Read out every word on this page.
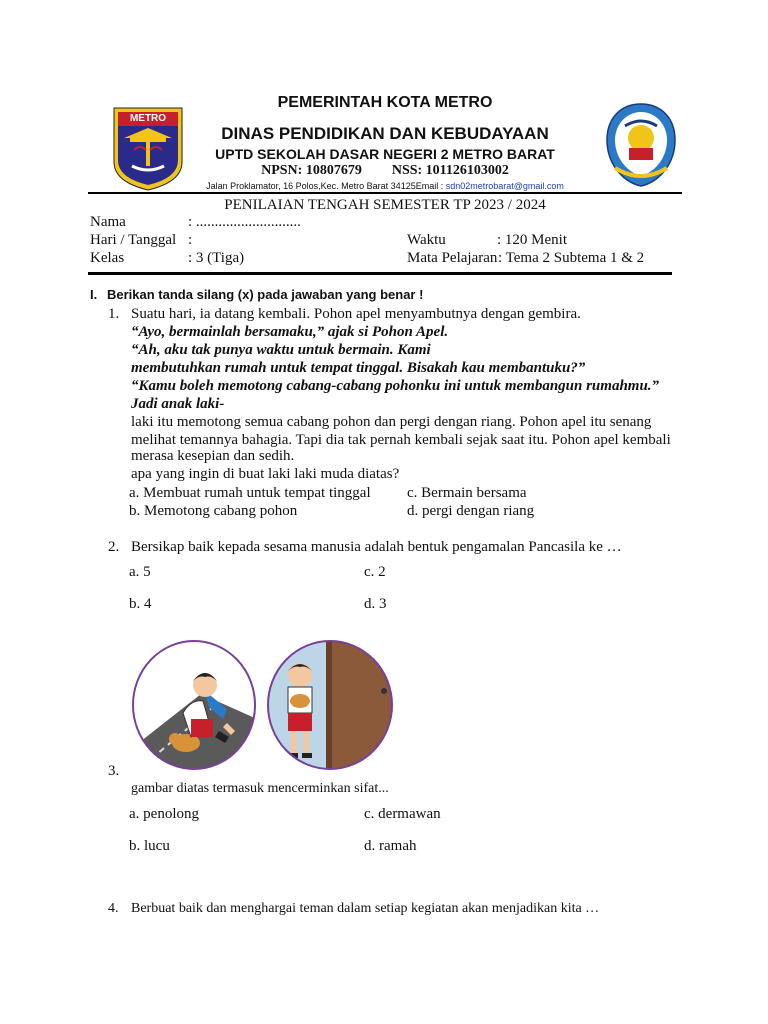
METRO
PEMERINTAH KOTA METRO
DINAS PENDIDIKAN DAN KEBUDAYAAN
UPTD SEKOLAH DASAR NEGERI 2 METRO BARAT
NPSN: 10807679 NSS: 101126103002
Jalan Proklamator, 16 Polos,Kec. Metro Barat 34125Email : sdn02metrobarat@gmail.com
PENILAIAN TENGAH SEMESTER TP 2023 / 2024
Nama	: ............................
Hari / Tanggal :	Waktu	: 120 Menit
Kelas	: 3 (Tiga)	Mata Pelajaran : Tema 2 Subtema 1 & 2
I. Berikan tanda silang (x) pada jawaban yang benar !
1. Suatu hari, ia datang kembali. Pohon apel menyambutnya dengan gembira.
“Ayo, bermainlah bersamaku,” ajak si Pohon Apel.
“Ah, aku tak punya waktu untuk bermain. Kami
membutuhkan rumah untuk tempat tinggal. Bisakah kau membantuku?”
“Kamu boleh memotong cabang-cabang pohonku ini untuk membangun rumahmu.”
Jadi anak laki-
laki itu memotong semua cabang pohon dan pergi dengan riang. Pohon apel itu senang
melihat temannya bahagia. Tapi dia tak pernah kembali sejak saat itu. Pohon apel kembali
merasa kesepian dan sedih.
apa yang ingin di buat laki laki muda diatas?
a. Membuat rumah untuk tempat tinggal c. Bermain bersama
b. Memotong cabang pohon	d. pergi dengan riang
2. Bersikap baik kepada sesama manusia adalah bentuk pengamalan Pancasila ke …
a. 5	c. 2
b. 4	d. 3
3.
gambar diatas termasuk mencerminkan sifat...
a. penolong	c. dermawan
b. lucu	d. ramah
4. Berbuat baik dan menghargai teman dalam setiap kegiatan akan menjadikan kita …
